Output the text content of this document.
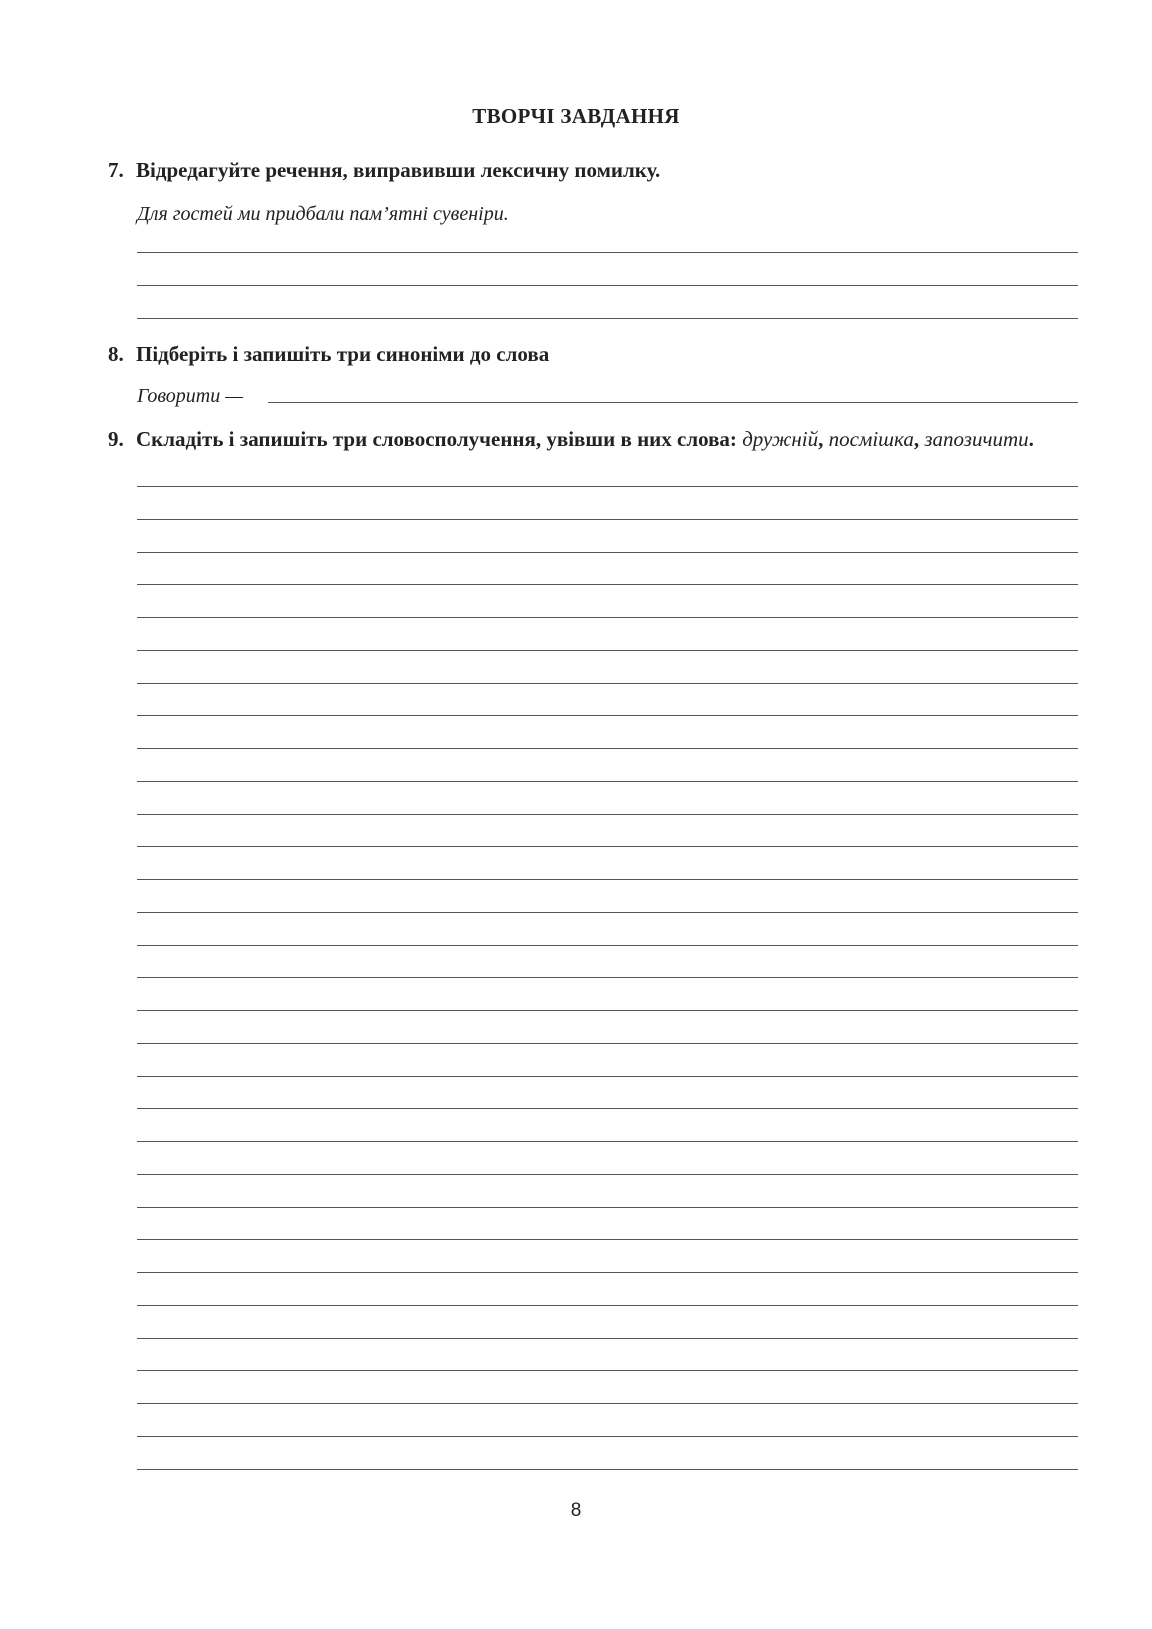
ТВОРЧІ ЗАВДАННЯ
7. Відредагуйте речення, виправивши лексичну помилку.
Для гостей ми придбали пам’ятні сувеніри.
8. Підберіть і запишіть три синоніми до слова
Говорити —
9. Складіть і запишіть три словосполучення, увівши в них слова: дружній, посмішка, запозичити.
8
